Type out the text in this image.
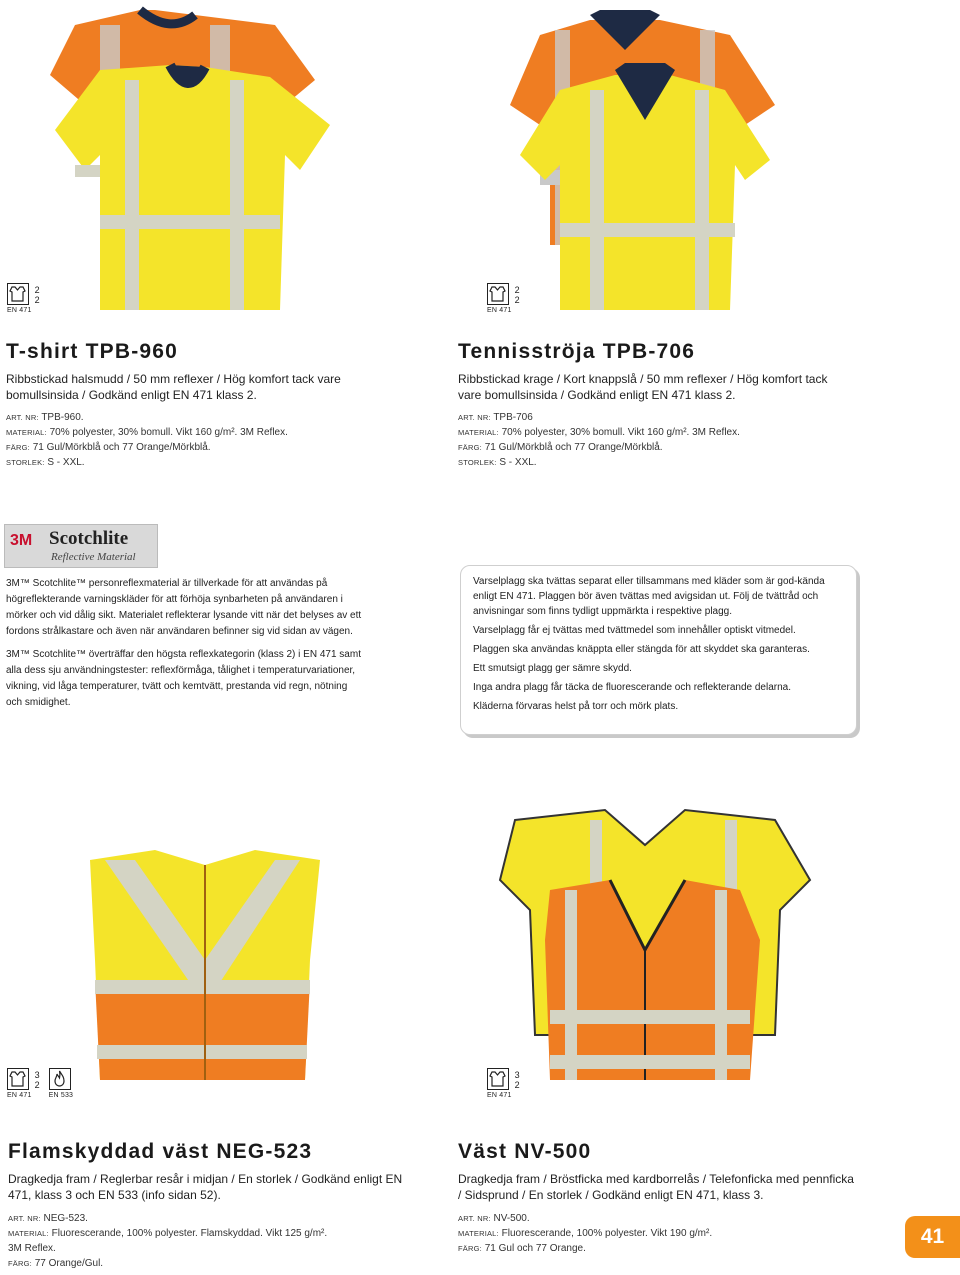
EN 471
2
2
EN 471
2
2
EN 471
3
2
EN 533	EN 471
3
2
T-shirt TPB-960
Ribbstickad halsmudd / 50 mm reflexer / Hög komfort tack vare bomullsinsida / Godkänd enligt EN 471 klass 2.
ART. NR: TPB-960.
MATERIAL: 70% polyester, 30% bomull. Vikt 160 g/m². 3M Reflex.
FÄRG: 71 Gul/Mörkblå och 77 Orange/Mörkblå.
STORLEK: S - XXL.
Tennisströja TPB-706
Ribbstickad krage / Kort knappslå / 50 mm reflexer / Hög komfort tack vare bomullsinsida / Godkänd enligt EN 471 klass 2.
ART. NR: TPB-706
MATERIAL: 70% polyester, 30% bomull. Vikt 160 g/m². 3M Reflex.
FÄRG: 71 Gul/Mörkblå och 77 Orange/Mörkblå.
STORLEK: S - XXL.
Flamskyddad väst NEG-523
Dragkedja fram / Reglerbar resår i midjan / En storlek / Godkänd enligt EN 471, klass 3 och EN 533 (info sidan 52).
ART. NR: NEG-523.
MATERIAL: Fluorescerande, 100% polyester. Flamskyddad. Vikt 125 g/m².
3M Reflex.
FÄRG: 77 Orange/Gul.
Väst NV-500
Dragkedja fram / Bröstficka med kardborrelås / Telefonficka med pennficka / Sidsprund / En storlek / Godkänd enligt EN 471, klass 3.
ART. NR: NV-500.
MATERIAL: Fluorescerande, 100% polyester. Vikt 190 g/m².
FÄRG: 71 Gul och 77 Orange.
3M Scotchlite
Reflective Material

3M™ Scotchlite™ personreflexmaterial är tillverkade för att användas på högreflekterande varningskläder för att förhöja synbarheten på användaren i mörker och vid dålig sikt. Materialet reflekterar lysande vitt när det belyses av ett fordons strålkastare och även när användaren befinner sig vid sidan av vägen.

3M™ Scotchlite™ överträffar den högsta reflexkategorin (klass 2) i EN 471 samt alla dess sju användningstester: reflexförmåga, tålighet i temperaturvariationer, vikning, vid låga temperaturer, tvätt och kemtvätt, prestanda vid regn, nötning och smidighet.

Varselplagg ska tvättas separat eller tillsammans med kläder som är god-kända enligt EN 471. Plaggen bör även tvättas med avigsidan ut. Följ de tvättråd och anvisningar som finns tydligt uppmärkta i respektive plagg.

Varselplagg får ej tvättas med tvättmedel som innehåller optiskt vitmedel.

Plaggen ska användas knäppta eller stängda för att skyddet ska garanteras.

Ett smutsigt plagg ger sämre skydd.

Inga andra plagg får täcka de fluorescerande och reflekterande delarna.

Kläderna förvaras helst på torr och mörk plats.

41
